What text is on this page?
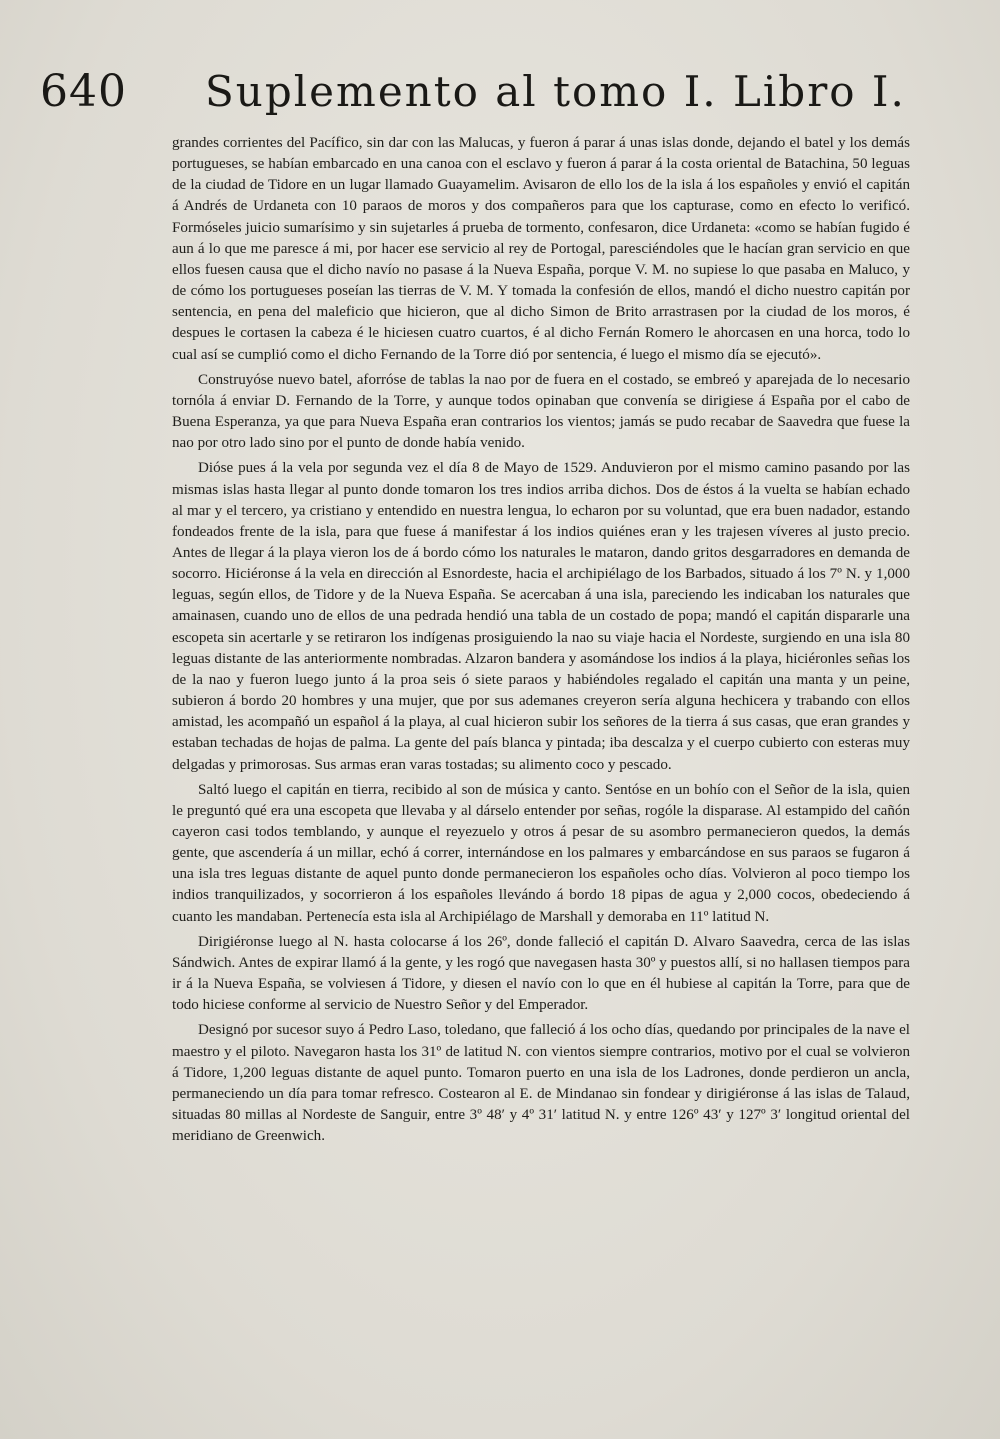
640 Suplemento al tomo I. Libro I.

grandes corrientes del Pacífico, sin dar con las Malucas, y fueron á parar á unas islas donde, dejando el batel y los demás portugueses, se habían embarcado en una canoa con el esclavo y fueron á parar á la costa oriental de Batachina, 50 leguas de la ciudad de Tidore en un lugar llamado Guayamelim. Avisaron de ello los de la isla á los españoles y envió el capitán á Andrés de Urdaneta con 10 paraos de moros y dos compañeros para que los capturase, como en efecto lo verificó. Formóseles juicio sumarísimo y sin sujetarles á prueba de tormento, confesaron, dice Urdaneta: «como se habían fugido é aun á lo que me paresce á mi, por hacer ese servicio al rey de Portogal, paresciéndoles que le hacían gran servicio en que ellos fuesen causa que el dicho navío no pasase á la Nueva España, porque V. M. no supiese lo que pasaba en Maluco, y de cómo los portugueses poseían las tierras de V. M. Y tomada la confesión de ellos, mandó el dicho nuestro capitán por sentencia, en pena del maleficio que hicieron, que al dicho Simon de Brito arrastrasen por la ciudad de los moros, é despues le cortasen la cabeza é le hiciesen cuatro cuartos, é al dicho Fernán Romero le ahorcasen en una horca, todo lo cual así se cumplió como el dicho Fernando de la Torre dió por sentencia, é luego el mismo día se ejecutó».

Construyóse nuevo batel, aforróse de tablas la nao por de fuera en el costado, se embreó y aparejada de lo necesario tornóla á enviar D. Fernando de la Torre, y aunque todos opinaban que convenía se dirigiese á España por el cabo de Buena Esperanza, ya que para Nueva España eran contrarios los vientos; jamás se pudo recabar de Saavedra que fuese la nao por otro lado sino por el punto de donde había venido.

Dióse pues á la vela por segunda vez el día 8 de Mayo de 1529. Anduvieron por el mismo camino pasando por las mismas islas hasta llegar al punto donde tomaron los tres indios arriba dichos. Dos de éstos á la vuelta se habían echado al mar y el tercero, ya cristiano y entendido en nuestra lengua, lo echaron por su voluntad, que era buen nadador, estando fondeados frente de la isla, para que fuese á manifestar á los indios quiénes eran y les trajesen víveres al justo precio. Antes de llegar á la playa vieron los de á bordo cómo los naturales le mataron, dando gritos desgarradores en demanda de socorro. Hiciéronse á la vela en dirección al Esnordeste, hacia el archipiélago de los Barbados, situado á los 7º N. y 1,000 leguas, según ellos, de Tidore y de la Nueva España. Se acercaban á una isla, pareciendo les indicaban los naturales que amainasen, cuando uno de ellos de una pedrada hendió una tabla de un costado de popa; mandó el capitán dispararle una escopeta sin acertarle y se retiraron los indígenas prosiguiendo la nao su viaje hacia el Nordeste, surgiendo en una isla 80 leguas distante de las anteriormente nombradas. Alzaron bandera y asomándose los indios á la playa, hiciéronles señas los de la nao y fueron luego junto á la proa seis ó siete paraos y habiéndoles regalado el capitán una manta y un peine, subieron á bordo 20 hombres y una mujer, que por sus ademanes creyeron sería alguna hechicera y trabando con ellos amistad, les acompañó un español á la playa, al cual hicieron subir los señores de la tierra á sus casas, que eran grandes y estaban techadas de hojas de palma. La gente del país blanca y pintada; iba descalza y el cuerpo cubierto con esteras muy delgadas y primorosas. Sus armas eran varas tostadas; su alimento coco y pescado.

Saltó luego el capitán en tierra, recibido al son de música y canto. Sentóse en un bohío con el Señor de la isla, quien le preguntó qué era una escopeta que llevaba y al dárselo entender por señas, rogóle la disparase. Al estampido del cañón cayeron casi todos temblando, y aunque el reyezuelo y otros á pesar de su asombro permanecieron quedos, la demás gente, que ascendería á un millar, echó á correr, internándose en los palmares y embarcándose en sus paraos se fugaron á una isla tres leguas distante de aquel punto donde permanecieron los españoles ocho días. Volvieron al poco tiempo los indios tranquilizados, y socorrieron á los españoles llevándo á bordo 18 pipas de agua y 2,000 cocos, obedeciendo á cuanto les mandaban. Pertenecía esta isla al Archipiélago de Marshall y demoraba en 11º latitud N.

Dirigiéronse luego al N. hasta colocarse á los 26º, donde falleció el capitán D. Alvaro Saavedra, cerca de las islas Sándwich. Antes de expirar llamó á la gente, y les rogó que navegasen hasta 30º y puestos allí, si no hallasen tiempos para ir á la Nueva España, se volviesen á Tidore, y diesen el navío con lo que en él hubiese al capitán la Torre, para que de todo hiciese conforme al servicio de Nuestro Señor y del Emperador.

Designó por sucesor suyo á Pedro Laso, toledano, que falleció á los ocho días, quedando por principales de la nave el maestro y el piloto. Navegaron hasta los 31º de latitud N. con vientos siempre contrarios, motivo por el cual se volvieron á Tidore, 1,200 leguas distante de aquel punto. Tomaron puerto en una isla de los Ladrones, donde perdieron un ancla, permaneciendo un día para tomar refresco. Costearon al E. de Mindanao sin fondear y dirigiéronse á las islas de Talaud, situadas 80 millas al Nordeste de Sanguir, entre 3º 48′ y 4º 31′ latitud N. y entre 126º 43′ y 127º 3′ longitud oriental del meridiano de Greenwich.
